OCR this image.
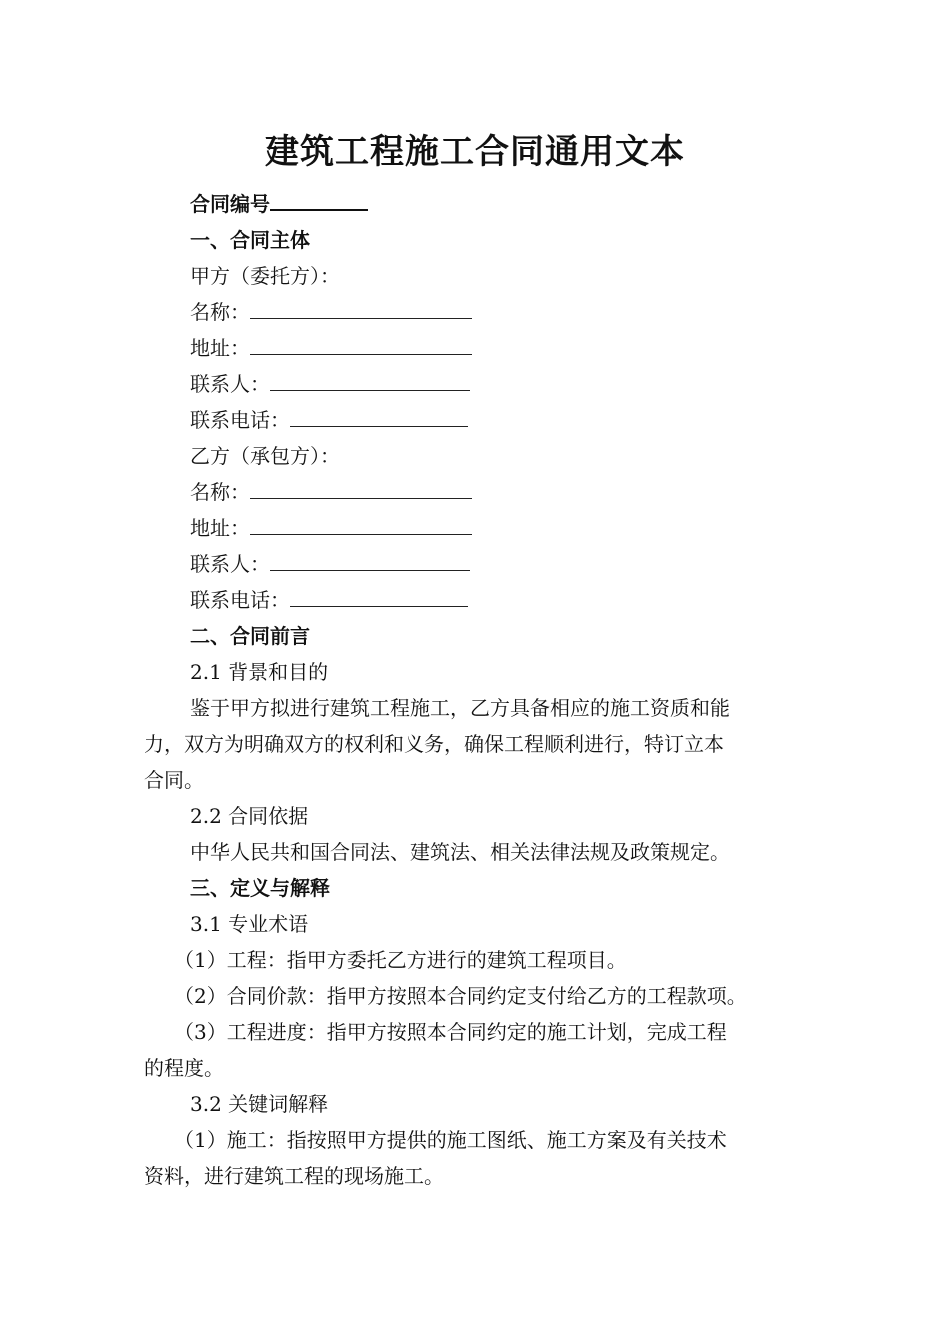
建筑工程施工合同通用文本
合同编号
一、合同主体
甲方（委托方）：
名称：
地址：
联系人：
联系电话：
乙方（承包方）：
名称：
地址：
联系人：
联系电话：
二、合同前言
2.1 背景和目的
鉴于甲方拟进行建筑工程施工，乙方具备相应的施工资质和能
力，双方为明确双方的权利和义务，确保工程顺利进行，特订立本
合同。
2.2 合同依据
中华人民共和国合同法、建筑法、相关法律法规及政策规定。
三、定义与解释
3.1 专业术语
（1）工程：指甲方委托乙方进行的建筑工程项目。
（2）合同价款：指甲方按照本合同约定支付给乙方的工程款项。
（3）工程进度：指甲方按照本合同约定的施工计划，完成工程
的程度。
3.2 关键词解释
（1）施工：指按照甲方提供的施工图纸、施工方案及有关技术
资料，进行建筑工程的现场施工。
